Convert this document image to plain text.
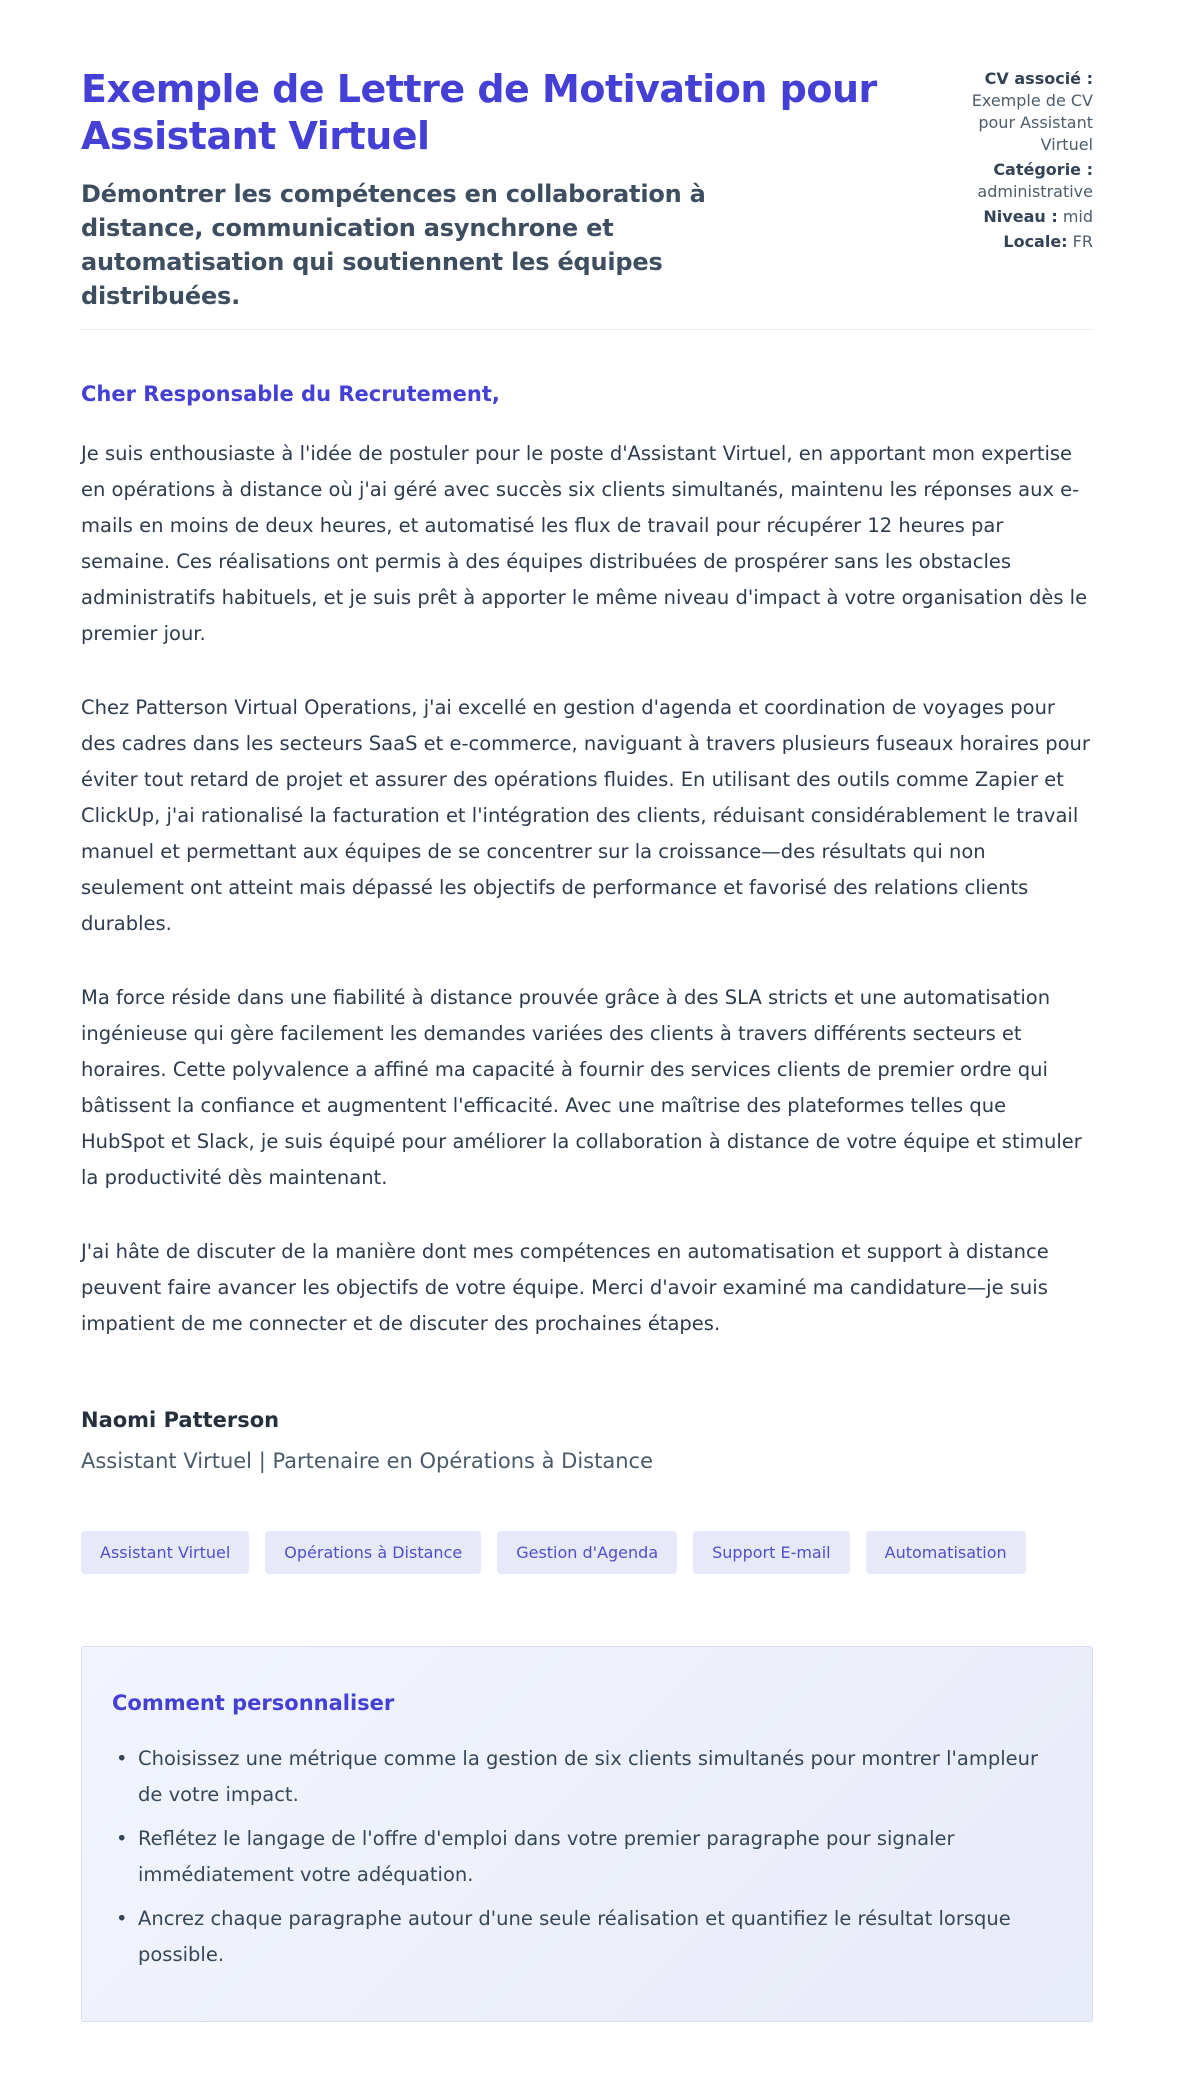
Exemple de Lettre de Motivation pour Assistant Virtuel

Démontrer les compétences en collaboration à distance, communication asynchrone et automatisation qui soutiennent les équipes distribuées.

CV associé : Exemple de CV pour Assistant Virtuel
Catégorie : administrative
Niveau : mid
Locale: FR

Cher Responsable du Recrutement,

Je suis enthousiaste à l'idée de postuler pour le poste d'Assistant Virtuel, en apportant mon expertise en opérations à distance où j'ai géré avec succès six clients simultanés, maintenu les réponses aux e-mails en moins de deux heures, et automatisé les flux de travail pour récupérer 12 heures par semaine. Ces réalisations ont permis à des équipes distribuées de prospérer sans les obstacles administratifs habituels, et je suis prêt à apporter le même niveau d'impact à votre organisation dès le premier jour.

Chez Patterson Virtual Operations, j'ai excellé en gestion d'agenda et coordination de voyages pour des cadres dans les secteurs SaaS et e-commerce, naviguant à travers plusieurs fuseaux horaires pour éviter tout retard de projet et assurer des opérations fluides. En utilisant des outils comme Zapier et ClickUp, j'ai rationalisé la facturation et l'intégration des clients, réduisant considérablement le travail manuel et permettant aux équipes de se concentrer sur la croissance—des résultats qui non seulement ont atteint mais dépassé les objectifs de performance et favorisé des relations clients durables.

Ma force réside dans une fiabilité à distance prouvée grâce à des SLA stricts et une automatisation ingénieuse qui gère facilement les demandes variées des clients à travers différents secteurs et horaires. Cette polyvalence a affiné ma capacité à fournir des services clients de premier ordre qui bâtissent la confiance et augmentent l'efficacité. Avec une maîtrise des plateformes telles que HubSpot et Slack, je suis équipé pour améliorer la collaboration à distance de votre équipe et stimuler la productivité dès maintenant.

J'ai hâte de discuter de la manière dont mes compétences en automatisation et support à distance peuvent faire avancer les objectifs de votre équipe. Merci d'avoir examiné ma candidature—je suis impatient de me connecter et de discuter des prochaines étapes.

Naomi Patterson

Assistant Virtuel | Partenaire en Opérations à Distance

Assistant Virtuel	Opérations à Distance	Gestion d'Agenda	Support E-mail	Automatisation
Comment personnaliser
• Choisissez une métrique comme la gestion de six clients simultanés pour montrer l'ampleur de votre impact.
• Reflétez le langage de l'offre d'emploi dans votre premier paragraphe pour signaler immédiatement votre adéquation.
• Ancrez chaque paragraphe autour d'une seule réalisation et quantifiez le résultat lorsque possible.
